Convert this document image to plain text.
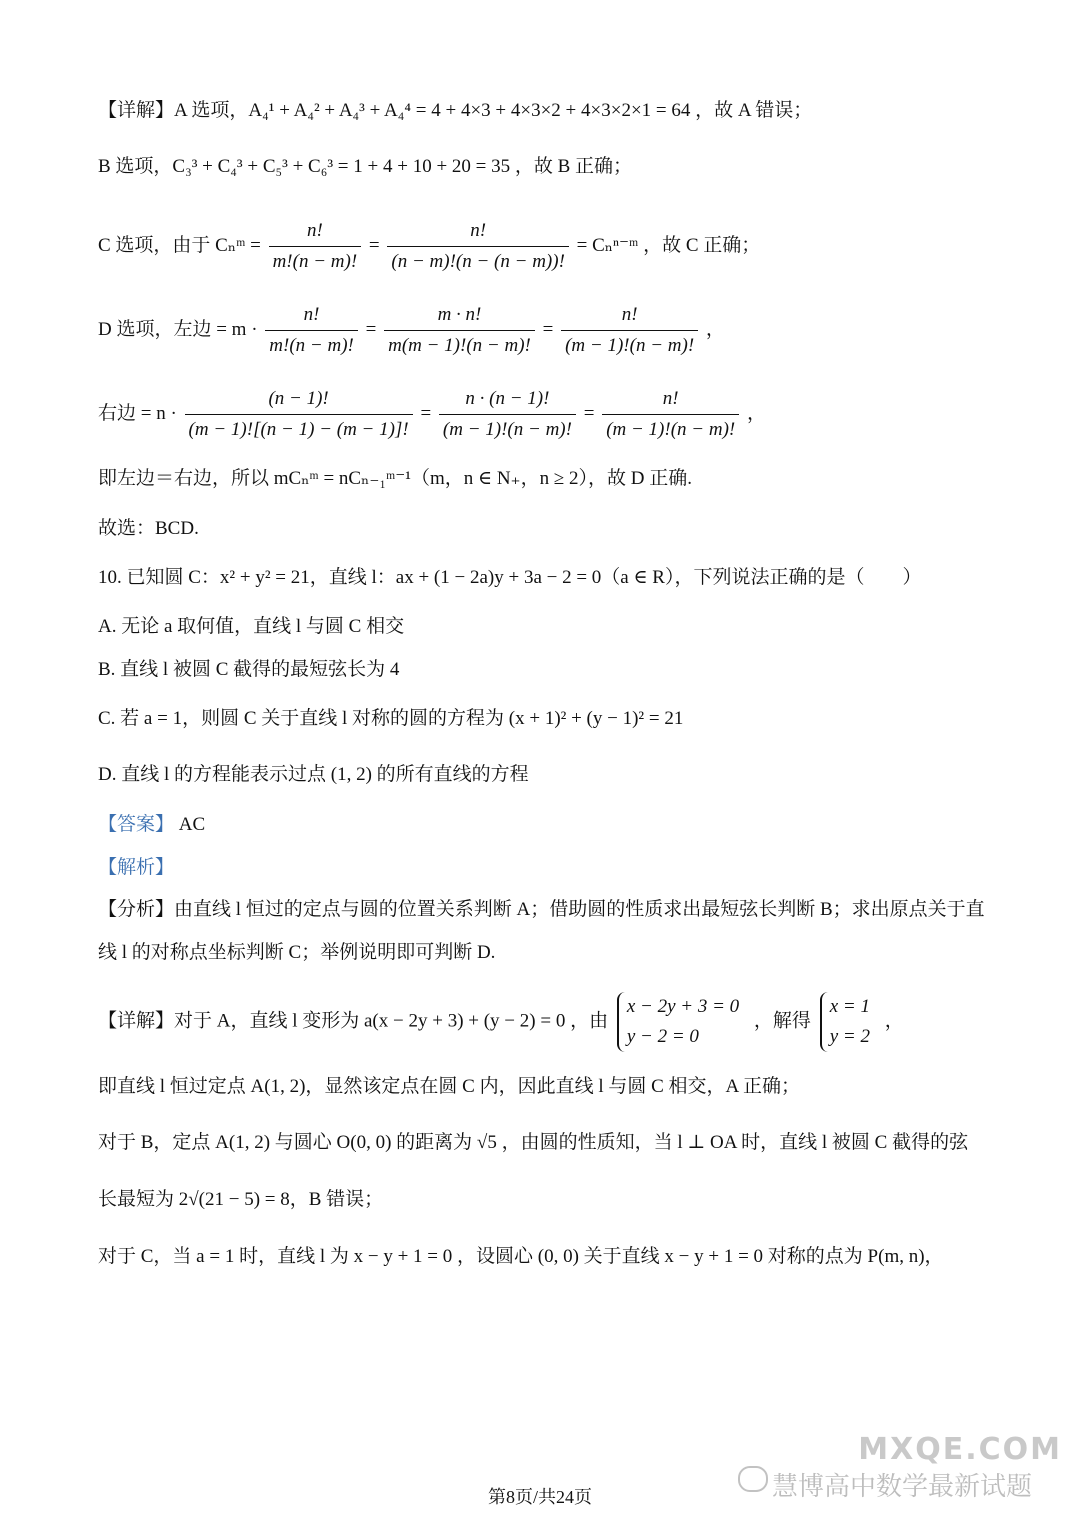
【详解】A 选项，A₄¹ + A₄² + A₄³ + A₄⁴ = 4 + 4×3 + 4×3×2 + 4×3×2×1 = 64 ，故 A 错误；
B 选项，C₃³ + C₄³ + C₅³ + C₆³ = 1 + 4 + 10 + 20 = 35 ，故 B 正确；
C 选项，由于 Cₙᵐ = $\frac{n!}{m!(n - m)!} = \frac{n!}{(n - m)!(n - (n - m))!}$ = Cₙⁿ⁻ᵐ ，故 C 正确；
D 选项，左边 = $m \cdot \frac{n!}{m!(n - m)!} = \frac{m \cdot n!}{m(m - 1)!(n - m)!} = \frac{n!}{(m - 1)!(n - m)!}$ ，
右边 = $n \cdot \frac{(n - 1)!}{(m - 1)![(n - 1) - (m - 1)]!} = \frac{n \cdot (n - 1)!}{(m - 1)!(n - m)!} = \frac{n!}{(m - 1)!(n - m)!}$ ，
即左边＝右边，所以 mCₙᵐ = nCₙ₋₁ᵐ⁻¹（m，n ∈ N₊，n ≥ 2），故 D 正确.
故选：BCD.
10. 已知圆 C：x² + y² = 21，直线 l：ax + (1 − 2a)y + 3a − 2 = 0（a ∈ R），下列说法正确的是（　　）
A. 无论 a 取何值，直线 l 与圆 C 相交
B. 直线 l 被圆 C 截得的最短弦长为 4
C. 若 a = 1，则圆 C 关于直线 l 对称的圆的方程为 (x + 1)² + (y − 1)² = 21
D. 直线 l 的方程能表示过点 (1, 2) 的所有直线的方程
【答案】 AC
【解析】
【分析】由直线 l 恒过的定点与圆的位置关系判断 A；借助圆的性质求出最短弦长判断 B；求出原点关于直
线 l 的对称点坐标判断 C；举例说明即可判断 D.
【详解】对于 A，直线 l 变形为 a(x − 2y + 3) + (y − 2) = 0 ，由
x − 2y + 3 = 0
y − 2 = 0
，解得
x = 1
y = 2
，
即直线 l 恒过定点 A(1, 2)，显然该定点在圆 C 内，因此直线 l 与圆 C 相交，A 正确；
对于 B，定点 A(1, 2) 与圆心 O(0, 0) 的距离为 √5 ，由圆的性质知，当 l ⊥ OA 时，直线 l 被圆 C 截得的弦
长最短为 2√(21 − 5) = 8，B 错误；
对于 C，当 a = 1 时，直线 l 为 x − y + 1 = 0 ，设圆心 (0, 0) 关于直线 x − y + 1 = 0 对称的点为 P(m, n)，
慧博高中数学最新试题
MXQE.COM
第8页/共24页
